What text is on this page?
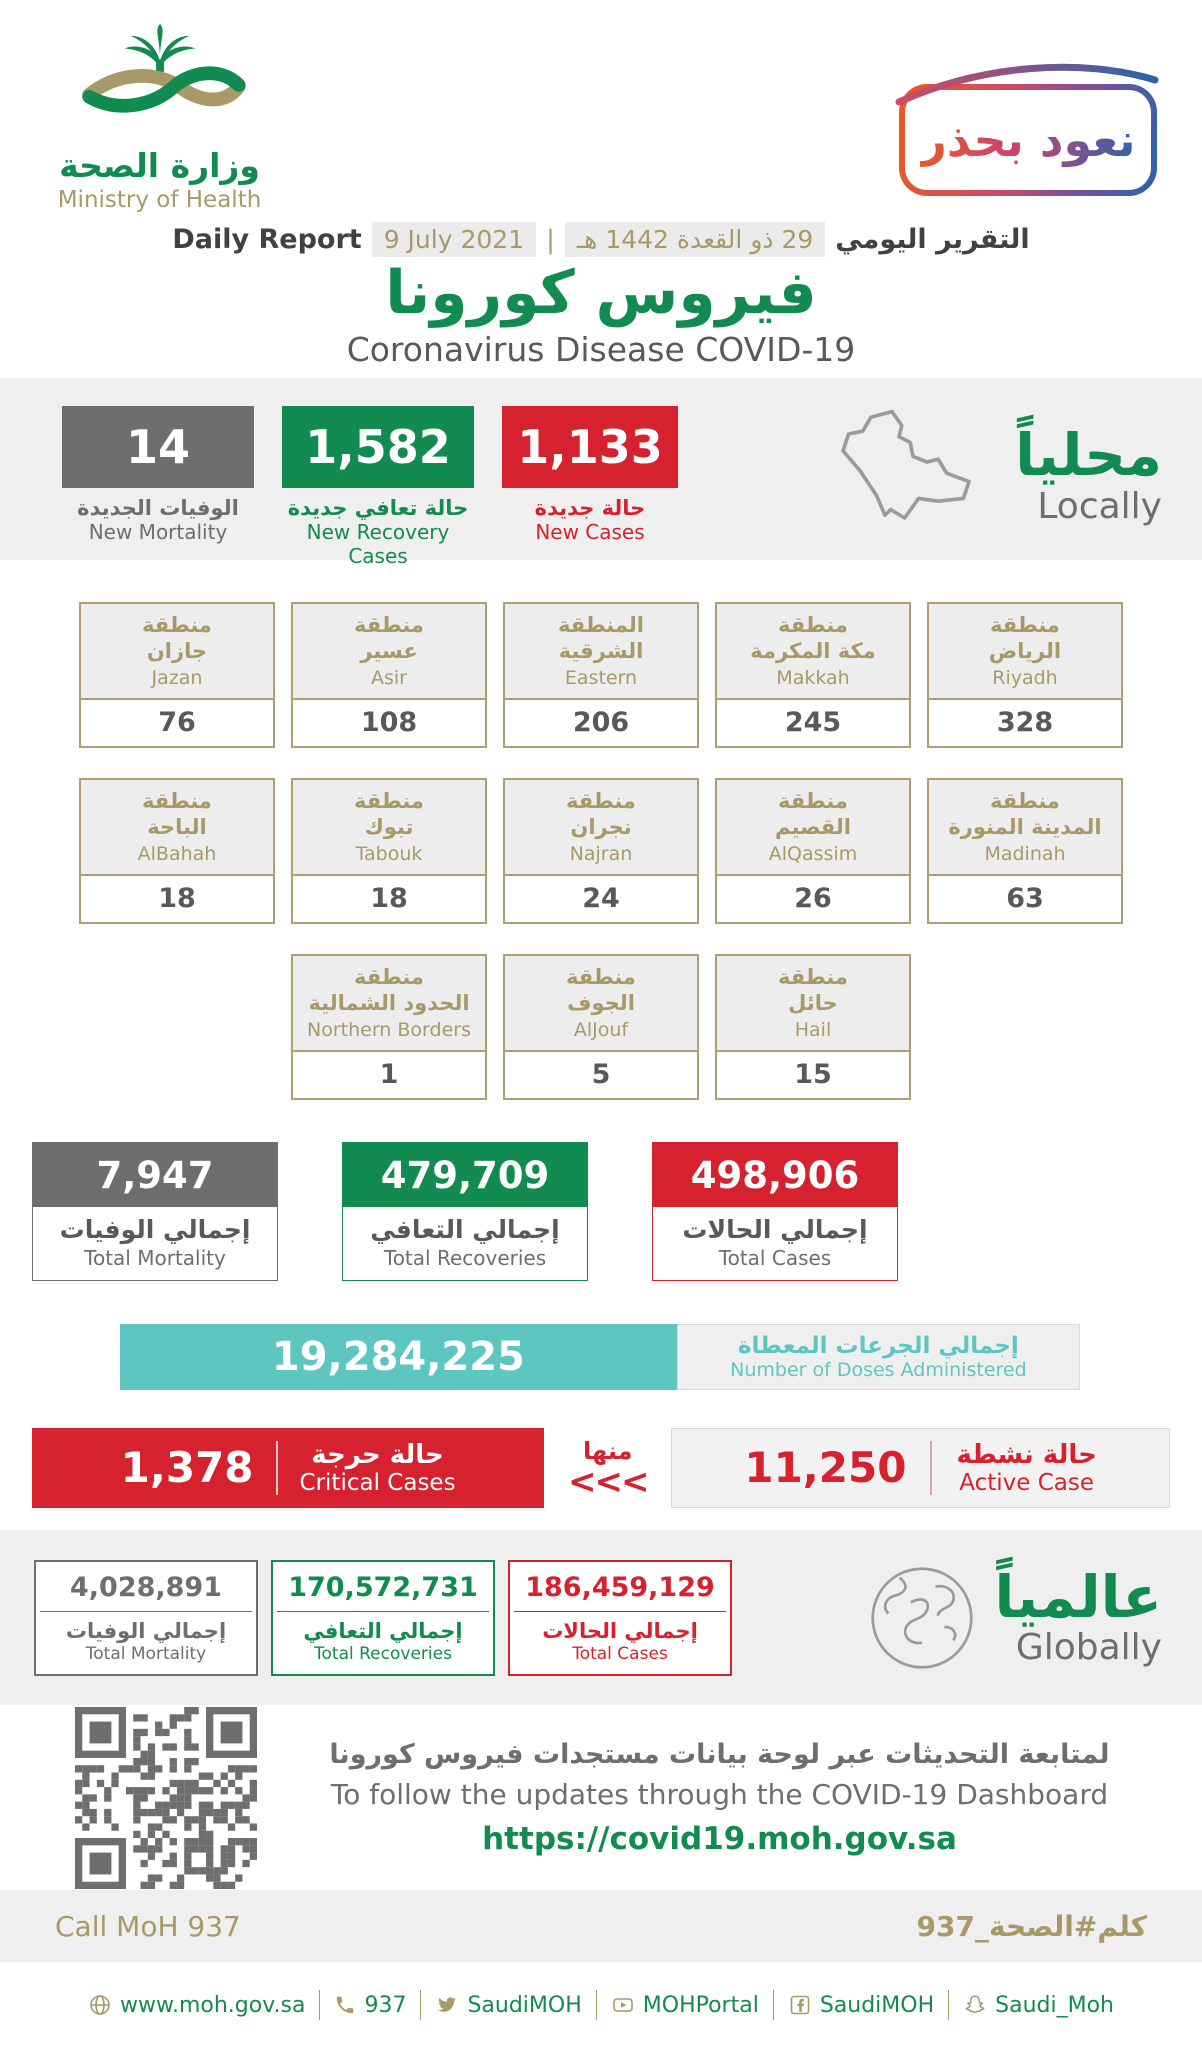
وزارة الصحة
Ministry of Health
نعود بحذر
Daily Report 9 July 2021 | 29 ذو القعدة 1442 هـ التقرير اليومي
فيروس كورونا
Coronavirus Disease COVID-19
14
الوفيات الجديدة
New Mortality
1,582
حالة تعافي جديدة
New Recovery Cases
1,133
حالة جديدة
New Cases
محلياً
Locally
منطقة
جازان
Jazan
76
منطقة
عسير
Asir
108
المنطقة
الشرقية
Eastern
206
منطقة
مكة المكرمة
Makkah
245
منطقة
الرياض
Riyadh
328
منطقة
الباحة
AlBahah
18
منطقة
تبوك
Tabouk
18
منطقة
نجران
Najran
24
منطقة
القصيم
AlQassim
26
منطقة
المدينة المنورة
Madinah
63
منطقة
الحدود الشمالية
Northern Borders
1
منطقة
الجوف
AlJouf
5
منطقة
حائل
Hail
15
7,947
إجمالي الوفيات
Total Mortality
479,709
إجمالي التعافي
Total Recoveries
498,906
إجمالي الحالات
Total Cases
19,284,225	إجمالي الجرعات المعطاة
Number of Doses Administered
1,378	حالة حرجة
Critical Cases
منها
<<< 11,250 حالة نشطة
Active Case
4,028,891
إجمالي الوفيات
Total Mortality
170,572,731
إجمالي التعافي
Total Recoveries
186,459,129
إجمالي الحالات
Total Cases
عالمياً
Globally
لمتابعة التحديثات عبر لوحة بيانات مستجدات فيروس كورونا
To follow the updates through the COVID-19 Dashboard
https://covid19.moh.gov.sa
Call MoH 937	كلم#الصحة_937
www.moh.gov.sa	937	SaudiMOH	MOHPortal	SaudiMOH	Saudi_Moh
